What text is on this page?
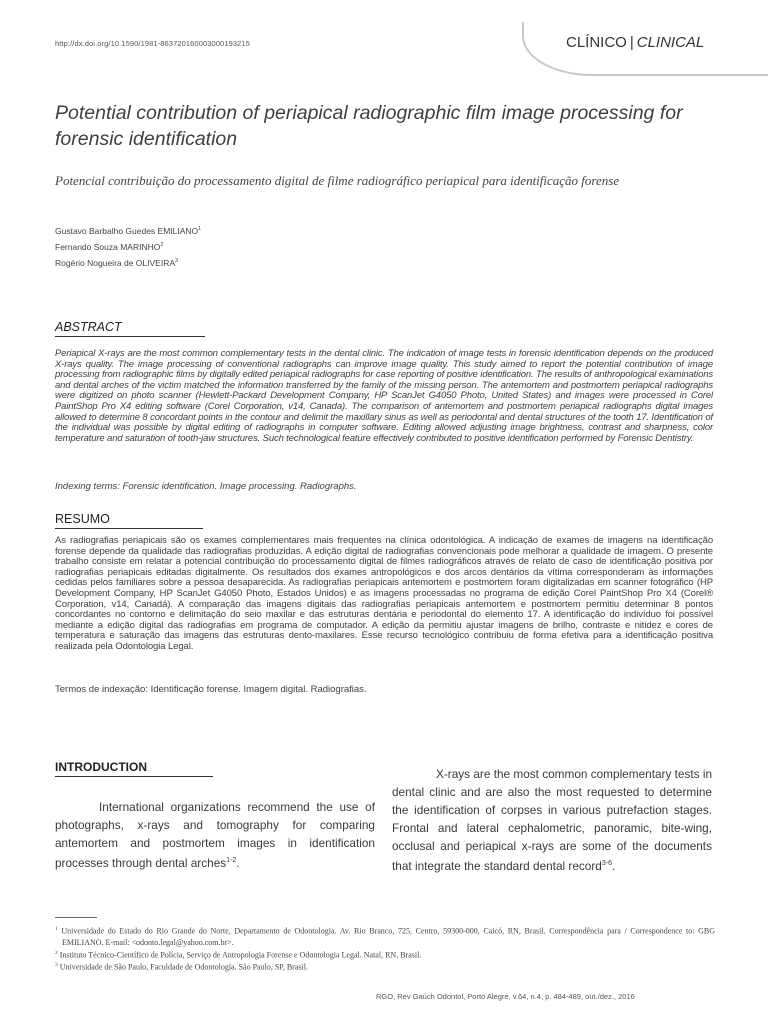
http://dx.doi.org/10.1590/1981-863720160003000193215	CLÍNICO | CLINICAL
Potential contribution of periapical radiographic film image processing for forensic identification
Potencial contribuição do processamento digital de filme radiográfico periapical para identificação forense
Gustavo Barbalho Guedes EMILIANO$^1$
Fernando Souza MARINHO$^2$
Rogério Nogueira de OLIVEIRA$^3$
ABSTRACT
Periapical X-rays are the most common complementary tests in the dental clinic. The indication of image tests in forensic identification depends on the produced X-rays quality. The image processing of conventional radiographs can improve image quality. This study aimed to report the potential contribution of image processing from radiographic films by digitally edited periapical radiographs for case reporting of positive identification. The results of anthropological examinations and dental arches of the victim matched the information transferred by the family of the missing person. The antemortem and postmortem periapical radiographs were digitized on photo scanner (Hewlett-Packard Development Company, HP ScanJet G4050 Photo, United States) and images were processed in Corel PaintShop Pro X4 editing software (Corel Corporation, v14, Canada). The comparison of antemortem and postmortem periapical radiographs digital images allowed to determine 8 concordant points in the contour and delimit the maxillary sinus as well as periodontal and dental structures of the tooth 17. Identification of the individual was possible by digital editing of radiographs in computer software. Editing allowed adjusting image brightness, contrast and sharpness, color temperature and saturation of tooth-jaw structures. Such technological feature effectively contributed to positive identification performed by Forensic Dentistry.
Indexing terms: Forensic identification. Image processing. Radiographs.
RESUMO
As radiografias periapicais são os exames complementares mais frequentes na clínica odontológica. A indicação de exames de imagens na identificação forense depende da qualidade das radiografias produzidas. A edição digital de radiografias convencionais pode melhorar a qualidade de imagem. O presente trabalho consiste em relatar a potencial contribuição do processamento digital de filmes radiográficos através de relato de caso de identificação positiva por radiografias periapicais editadas digitalmente. Os resultados dos exames antropológicos e dos arcos dentários da vítima corresponderam às informações cedidas pelos familiares sobre a pessoa desaparecida. As radiografias periapicais antemortem e postmortem foram digitalizadas em scanner fotográfico (HP Development Company, HP ScanJet G4050 Photo, Estados Unidos) e as imagens processadas no programa de edição Corel PaintShop Pro X4 (Corel® Corporation, v14, Canadá). A comparação das imagens digitais das radiografias periapicais antemortem e postmortem permitiu determinar 8 pontos concordantes no contorno e delimitação do seio maxilar e das estruturas dentária e periodontal do elemento 17. A identificação do indivíduo foi possível mediante a edição digital das radiografias em programa de computador. A edição da permitiu ajustar imagens de brilho, contraste e nitidez e cores de temperatura e saturação das imagens das estruturas dento-maxilares. Esse recurso tecnológico contribuiu de forma efetiva para a identificação positiva realizada pela Odontologia Legal.
Termos de indexação: Identificação forense. Imagem digital. Radiografias.
INTRODUCTION
International organizations recommend the use of photographs, x-rays and tomography for comparing antemortem and postmortem images in identification processes through dental arches$^{1-2}$.
X-rays are the most common complementary tests in dental clinic and are also the most requested to determine the identification of corpses in various putrefaction stages. Frontal and lateral cephalometric, panoramic, bite-wing, occlusal and periapical x-rays are some of the documents that integrate the standard dental record$^{3-6}$.
$^1$ Universidade do Estado do Rio Grande do Norte, Departamento de Odontologia. Av. Rio Branco, 725, Centro, 59300-000, Caicó, RN, Brasil. Correspondência para / Correspondence to: GBG EMILIANO. E-mail: <odonto.legal@yahoo.com.br>.
$^2$ Instituto Técnico-Científico de Polícia, Serviço de Antropologia Forense e Odontologia Legal. Natal, RN, Brasil.
$^3$ Universidade de São Paulo, Faculdade de Odontologia. São Paulo, SP, Brasil.
RGO, Rev Gaúch Odontol, Porto Alegre, v.64, n.4, p. 484-489, out./dez., 2016
